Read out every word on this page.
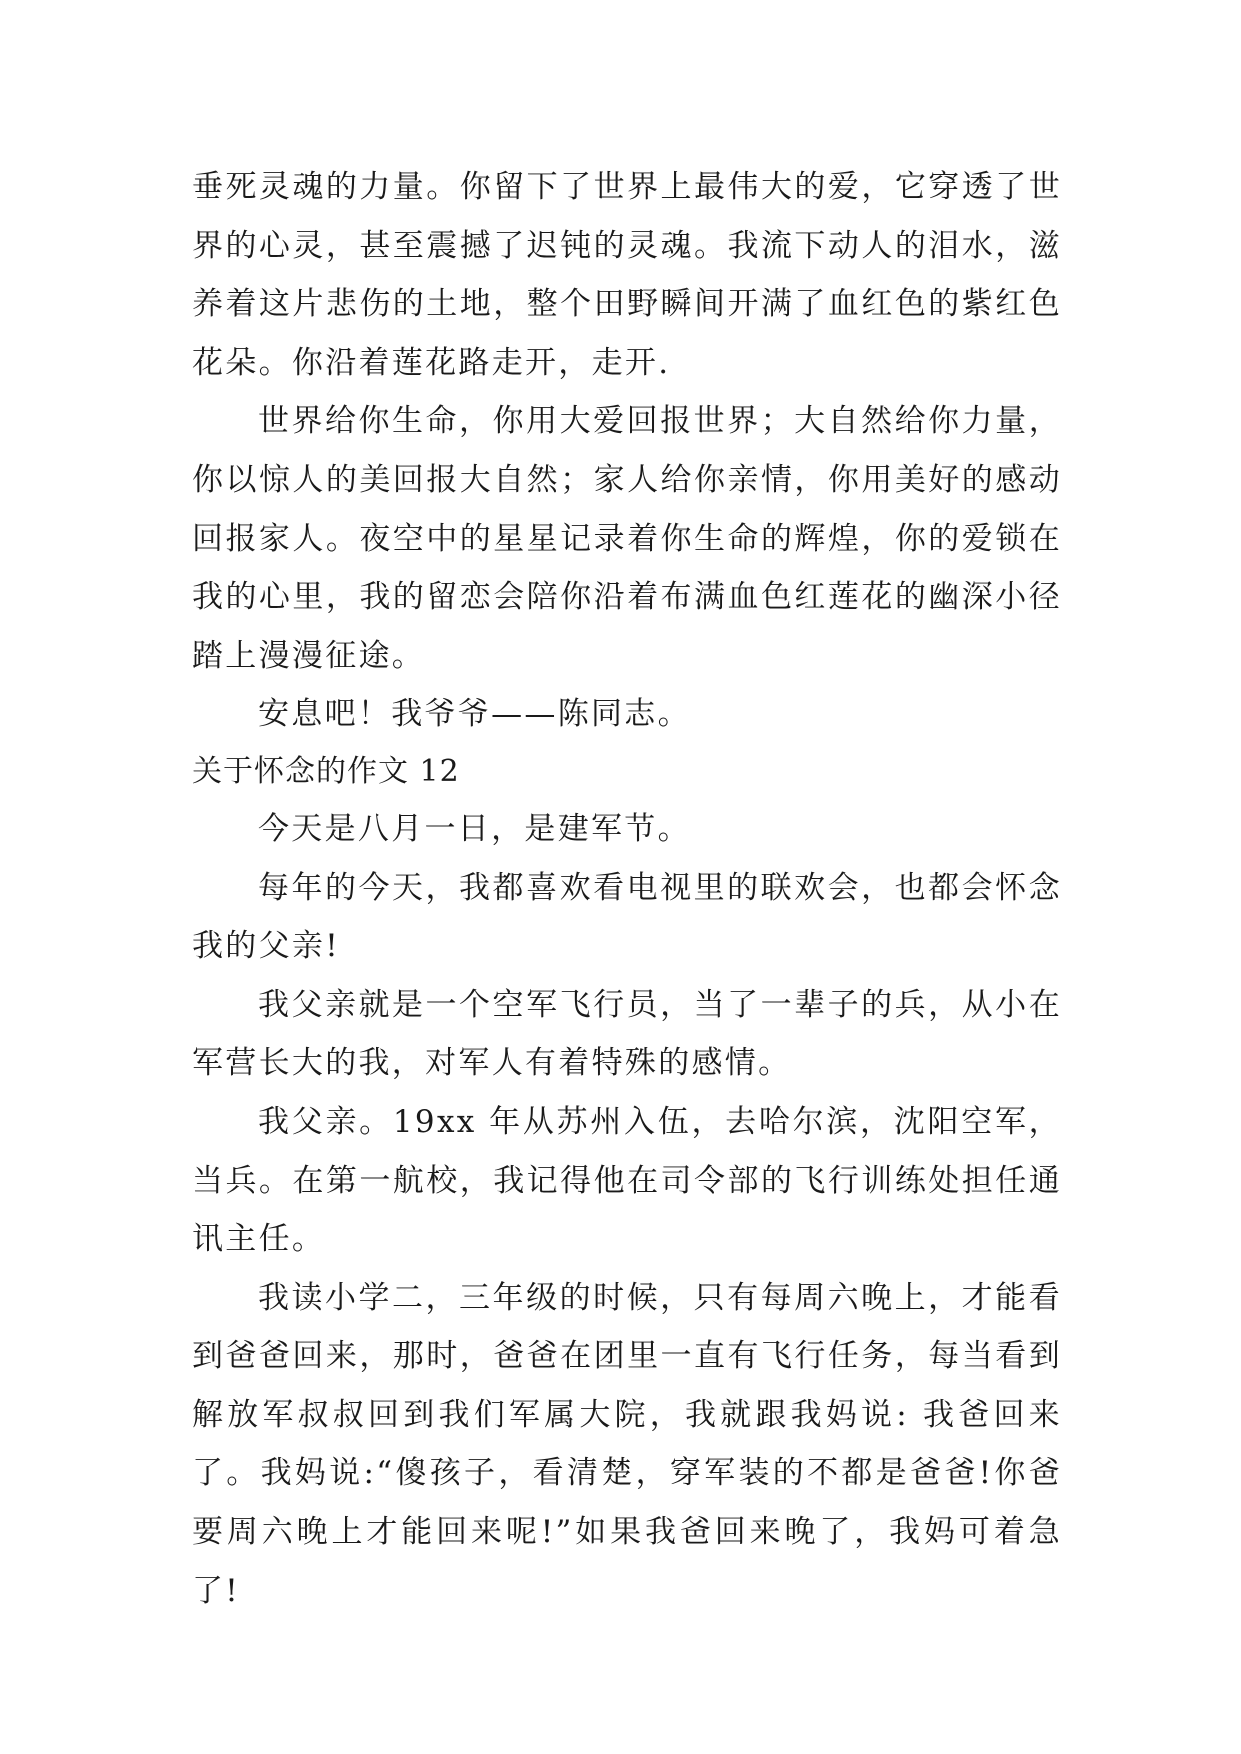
垂死灵魂的力量。你留下了世界上最伟大的爱，它穿透了世界的心灵，甚至震撼了迟钝的灵魂。我流下动人的泪水，滋养着这片悲伤的土地，整个田野瞬间开满了血红色的紫红色花朵。你沿着莲花路走开，走开.

世界给你生命，你用大爱回报世界；大自然给你力量，你以惊人的美回报大自然；家人给你亲情，你用美好的感动回报家人。夜空中的星星记录着你生命的辉煌，你的爱锁在我的心里，我的留恋会陪你沿着布满血色红莲花的幽深小径踏上漫漫征途。

安息吧！我爷爷——陈同志。

关于怀念的作文 12

今天是八月一日，是建军节。

每年的今天，我都喜欢看电视里的联欢会，也都会怀念我的父亲!

我父亲就是一个空军飞行员，当了一辈子的兵，从小在军营长大的我，对军人有着特殊的感情。

我父亲。19xx 年从苏州入伍，去哈尔滨，沈阳空军，当兵。在第一航校，我记得他在司令部的飞行训练处担任通讯主任。

我读小学二，三年级的时候，只有每周六晚上，才能看到爸爸回来，那时，爸爸在团里一直有飞行任务，每当看到解放军叔叔回到我们军属大院，我就跟我妈说: 我爸回来了。我妈说:“傻孩子，看清楚，穿军装的不都是爸爸!你爸要周六晚上才能回来呢!”如果我爸回来晚了，我妈可着急了!
